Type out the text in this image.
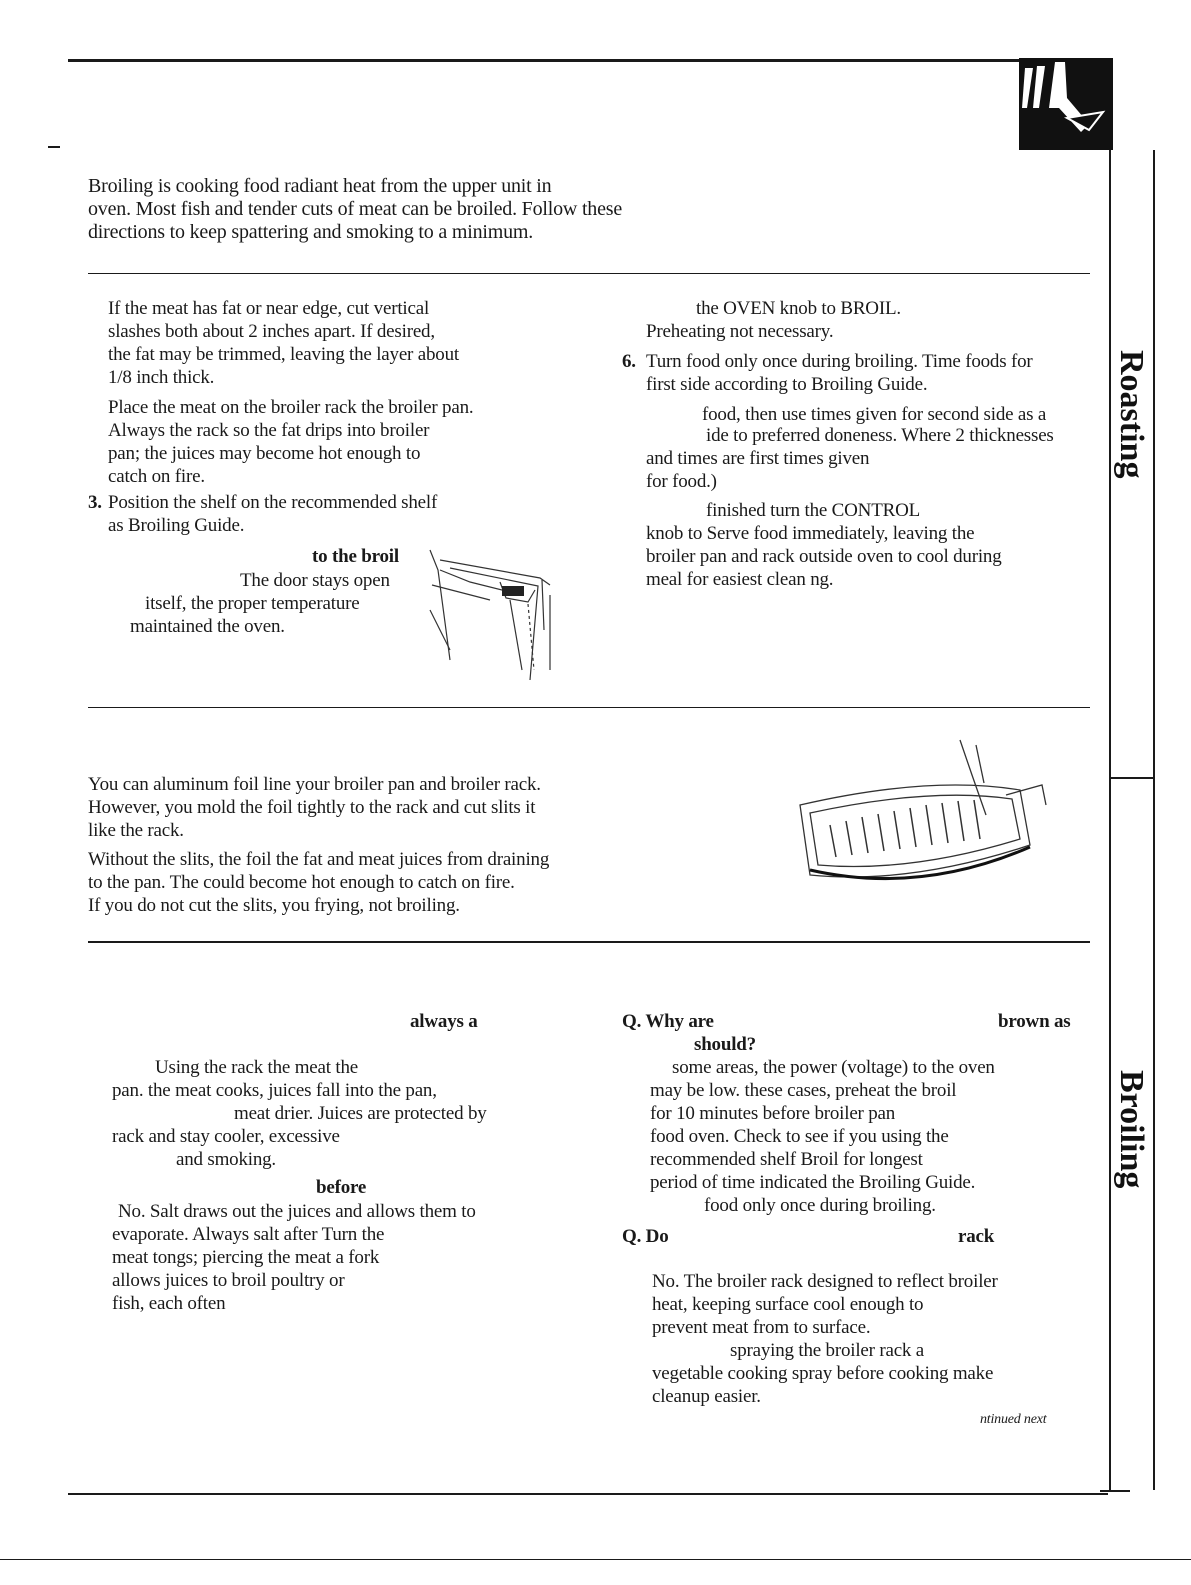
Roasting
Broiling
Broiling is cooking food radiant heat from the upper unit in
oven. Most fish and tender cuts of meat can be broiled. Follow these
directions to keep spattering and smoking to a minimum.
If the meat has fat or near edge, cut vertical
slashes both about 2 inches apart. If desired,
the fat may be trimmed, leaving the layer about
1/8 inch thick.
Place the meat on the broiler rack the broiler pan.
Always the rack so the fat drips into broiler
pan; the juices may become hot enough to
catch on fire.
3. Position the shelf on the recommended shelf
as Broiling Guide.
to the broil
The door stays open
itself, the proper temperature
maintained the oven.
the OVEN knob to BROIL.
Preheating not necessary.
6. Turn food only once during broiling. Time foods for
first side according to Broiling Guide.
food, then use times given for second side as a
ide to preferred doneness. Where 2 thicknesses
and times are first times given
for food.)
finished turn the CONTROL
knob to Serve food immediately, leaving the
broiler pan and rack outside oven to cool during
meal for easiest clean ng.
You can aluminum foil line your broiler pan and broiler rack.
However, you mold the foil tightly to the rack and cut slits it
like the rack.
Without the slits, the foil the fat and meat juices from draining
to the pan. The could become hot enough to catch on fire.
If you do not cut the slits, you frying, not broiling.
always a
Using the rack the meat the
pan. the meat cooks, juices fall into the pan,
meat drier. Juices are protected by
rack and stay cooler, excessive
and smoking.
before
No. Salt draws out the juices and allows them to
evaporate. Always salt after Turn the
meat tongs; piercing the meat a fork
allows juices to broil poultry or
fish, each often
Q. Why are	brown as
should?
some areas, the power (voltage) to the oven
may be low. these cases, preheat the broil
for 10 minutes before broiler pan
food oven. Check to see if you using the
recommended shelf Broil for longest
period of time indicated the Broiling Guide.
food only once during broiling.
Q. Do	rack
No. The broiler rack designed to reflect broiler
heat, keeping surface cool enough to
prevent meat from to surface.
spraying the broiler rack a
vegetable cooking spray before cooking make
cleanup easier.
ntinued next
